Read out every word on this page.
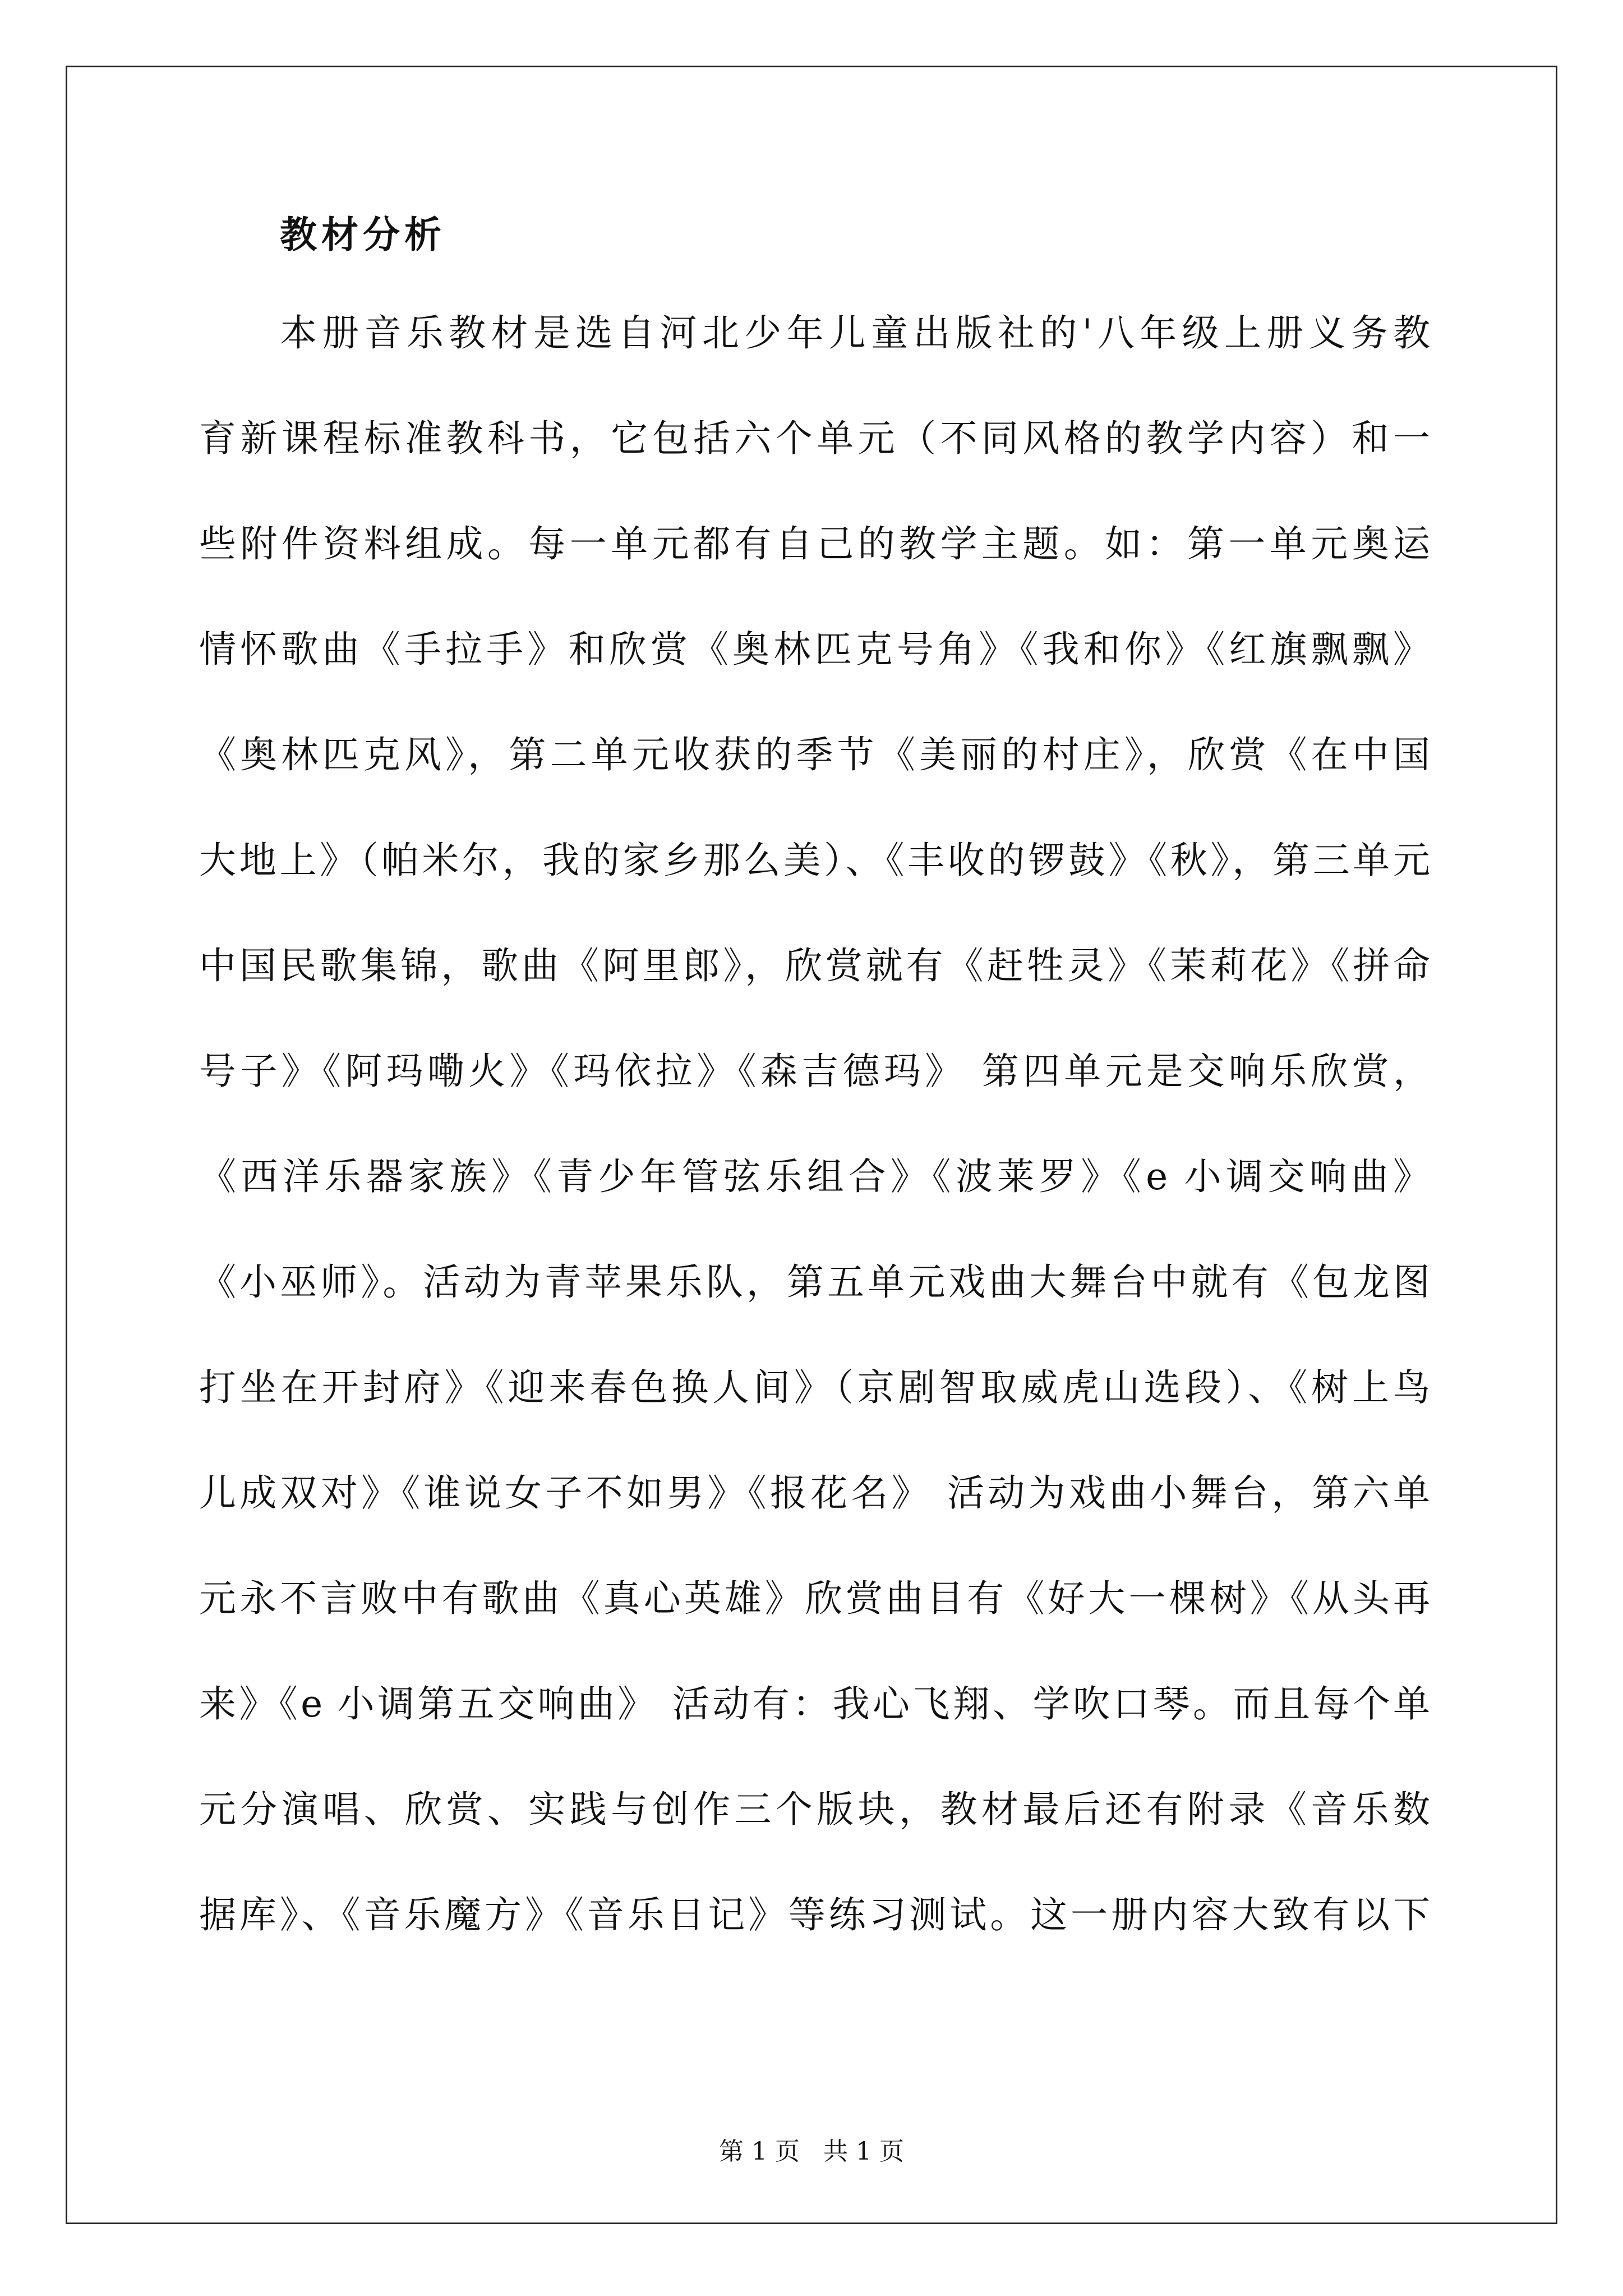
教材分析
本册音乐教材是选自河北少年儿童出版社的'八年级上册义务教
育新课程标准教科书，它包括六个单元（不同风格的教学内容）和一
些附件资料组成。每一单元都有自己的教学主题。如：第一单元奥运
情怀歌曲《手拉手》和欣赏《奥林匹克号角》《我和你》《红旗飘飘》
《奥林匹克风》，第二单元收获的季节《美丽的村庄》，欣赏《在中国
大地上》（帕米尔，我的家乡那么美）、《丰收的锣鼓》《秋》，第三单元
中国民歌集锦，歌曲《阿里郎》，欣赏就有《赶牲灵》《茉莉花》《拼命
号子》《阿玛嘞火》《玛依拉》《森吉德玛》 第四单元是交响乐欣赏，
《西洋乐器家族》《青少年管弦乐组合》《波莱罗》《e 小调交响曲》
《小巫师》。活动为青苹果乐队，第五单元戏曲大舞台中就有《包龙图
打坐在开封府》《迎来春色换人间》（京剧智取威虎山选段）、《树上鸟
儿成双对》《谁说女子不如男》《报花名》 活动为戏曲小舞台，第六单
元永不言败中有歌曲《真心英雄》欣赏曲目有《好大一棵树》《从头再
来》《e 小调第五交响曲》 活动有：我心飞翔、学吹口琴。而且每个单
元分演唱、欣赏、实践与创作三个版块，教材最后还有附录《音乐数
据库》、《音乐魔方》《音乐日记》等练习测试。这一册内容大致有以下
第 1 页   共 1 页
